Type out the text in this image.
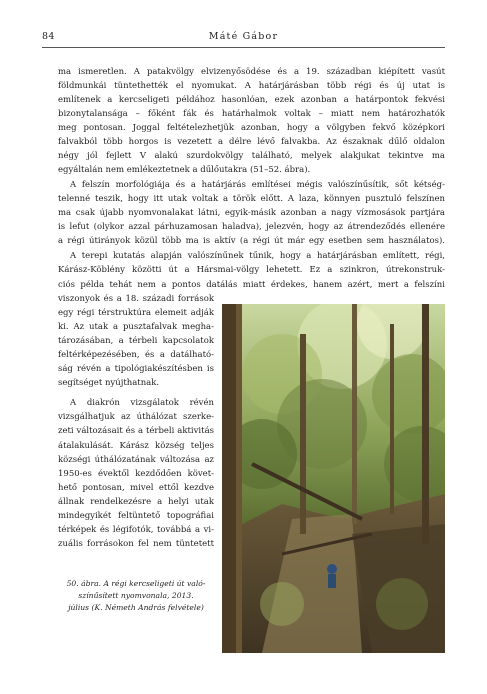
84	Máté Gábor
ma ismeretlen. A patakvölgy elvizenyősödése és a 19. században kiépített vasút
földmunkái tüntethették el nyomukat. A határjárásban több régi és új utat is
említenek a kercseligeti példához hasonlóan, ezek azonban a határpontok fekvési
bizonytalansága – főként fák és határhalmok voltak – miatt nem határozhatók
meg pontosan. Joggal feltételezhetjük azonban, hogy a völgyben fekvő középkori
falvakból több horgos is vezetett a délre lévő falvakba. Az északnak dűlő oldalon
négy jól fejlett V alakú szurdokvölgy található, melyek alakjukat tekintve ma
egyáltalán nem emlékeztetnek a dűlőutakra (51–52. ábra).
A felszín morfológiája és a határjárás említései mégis valószínűsítik, sőt kétség-
telenné teszik, hogy itt utak voltak a török előtt. A laza, könnyen pusztuló felszínen
ma csak újabb nyomvonalakat látni, egyik-másik azonban a nagy vízmosások partjára
is lefut (olykor azzal párhuzamosan haladva), jelezvén, hogy az átrendeződés ellenére
a régi útirányok közül több ma is aktív (a régi út már egy esetben sem használatos).
A terepi kutatás alapján valószínűnek tűnik, hogy a határjárásban említett, régi,
Kárász-Köblény közötti út a Hársmai-völgy lehetett. Ez a szinkron, útrekonstruk-
ciós példa tehát nem a pontos datálás miatt érdekes, hanem azért, mert a felszíni
viszonyok és a 18. századi források
egy régi térstruktúra elemeit adják
ki. Az utak a pusztafalvak megha-
tározásában, a térbeli kapcsolatok
feltérképezésében, és a datálható-
ság révén a tipológiakészítésben is
segítséget nyújthatnak.
A diakrón vizsgálatok révén
vizsgálhatjuk az úthálózat szerke-
zeti változásait és a térbeli aktivitás
átalakulását. Kárász község teljes
községi úthálózatának változása az
1950-es évektől kezdődően követ-
hető pontosan, mivel ettől kezdve
állnak rendelkezésre a helyi utak
mindegyikét feltüntető topográfiai
térképek és légifotók, továbbá a vi-
zuális forrásokon fel nem tüntetett
50. ábra. A régi kercseligeti út való-
színűsített nyomvonala, 2013.
július (K. Németh András felvétele)
